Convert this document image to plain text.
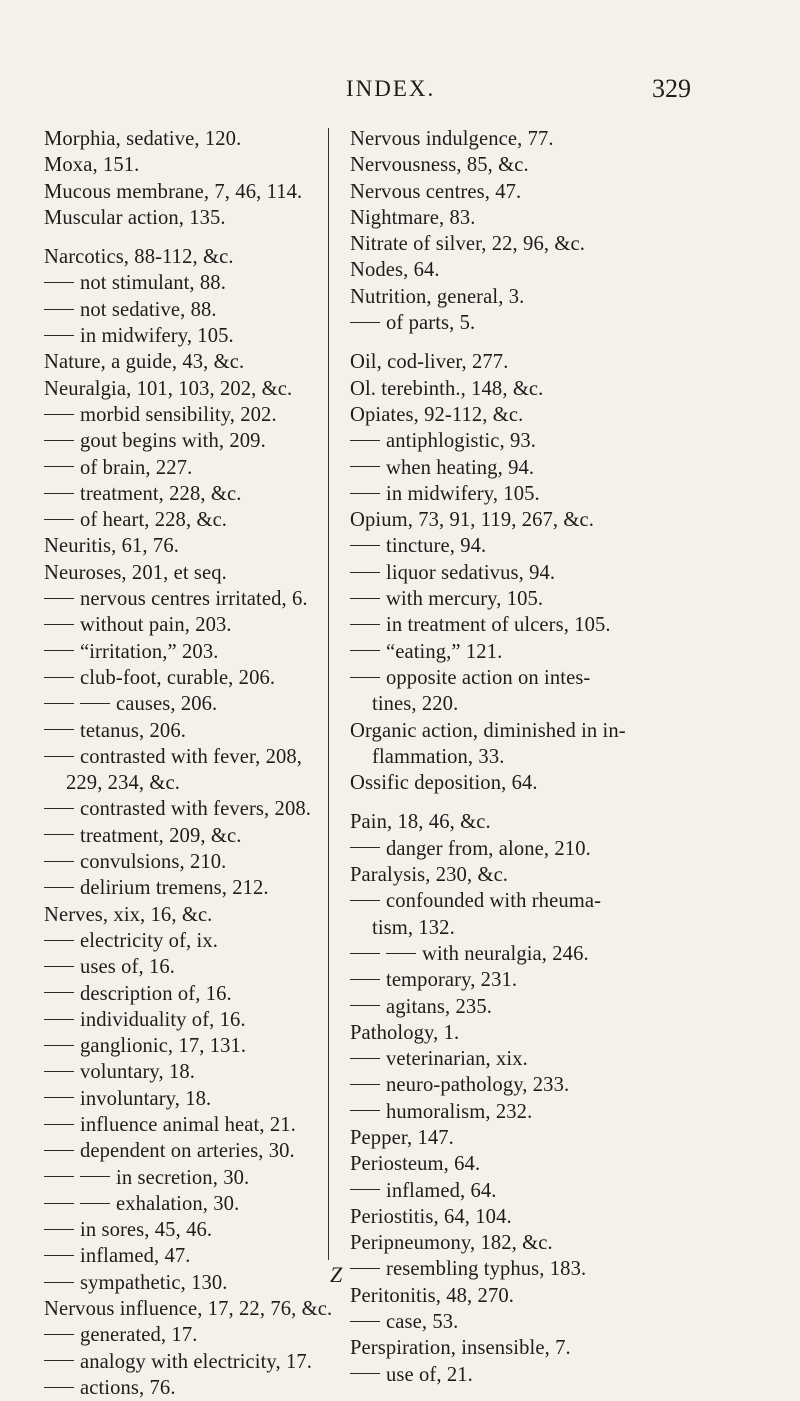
INDEX.	329
Morphia, sedative, 120.
Moxa, 151.
Mucous membrane, 7, 46, 114.
Muscular action, 135.
Narcotics, 88-112, &c.
not stimulant, 88.
not sedative, 88.
in midwifery, 105.
Nature, a guide, 43, &c.
Neuralgia, 101, 103, 202, &c.
morbid sensibility, 202.
gout begins with, 209.
of brain, 227.
treatment, 228, &c.
of heart, 228, &c.
Neuritis, 61, 76.
Neuroses, 201, et seq.
nervous centres irritated, 6.
without pain, 203.
“irritation,” 203.
club-foot, curable, 206.
causes, 206.
tetanus, 206.
contrasted with fever, 208,
229, 234, &c.
contrasted with fevers, 208.
treatment, 209, &c.
convulsions, 210.
delirium tremens, 212.
Nerves, xix, 16, &c.
electricity of, ix.
uses of, 16.
description of, 16.
individuality of, 16.
ganglionic, 17, 131.
voluntary, 18.
involuntary, 18.
influence animal heat, 21.
dependent on arteries, 30.
in secretion, 30.
exhalation, 30.
in sores, 45, 46.
inflamed, 47.
sympathetic, 130.
Nervous influence, 17, 22, 76, &c.
generated, 17.
analogy with electricity, 17.
actions, 76.
Nervous indulgence, 77.
Nervousness, 85, &c.
Nervous centres, 47.
Nightmare, 83.
Nitrate of silver, 22, 96, &c.
Nodes, 64.
Nutrition, general, 3.
of parts, 5.
Oil, cod-liver, 277.
Ol. terebinth., 148, &c.
Opiates, 92-112, &c.
antiphlogistic, 93.
when heating, 94.
in midwifery, 105.
Opium, 73, 91, 119, 267, &c.
tincture, 94.
liquor sedativus, 94.
with mercury, 105.
in treatment of ulcers, 105.
“eating,” 121.
opposite action on intes-
tines, 220.
Organic action, diminished in in-
flammation, 33.
Ossific deposition, 64.
Pain, 18, 46, &c.
danger from, alone, 210.
Paralysis, 230, &c.
confounded with rheuma-
tism, 132.
with neuralgia, 246.
temporary, 231.
agitans, 235.
Pathology, 1.
veterinarian, xix.
neuro-pathology, 233.
humoralism, 232.
Pepper, 147.
Periosteum, 64.
inflamed, 64.
Periostitis, 64, 104.
Peripneumony, 182, &c.
resembling typhus, 183.
Peritonitis, 48, 270.
case, 53.
Perspiration, insensible, 7.
use of, 21.
Z
